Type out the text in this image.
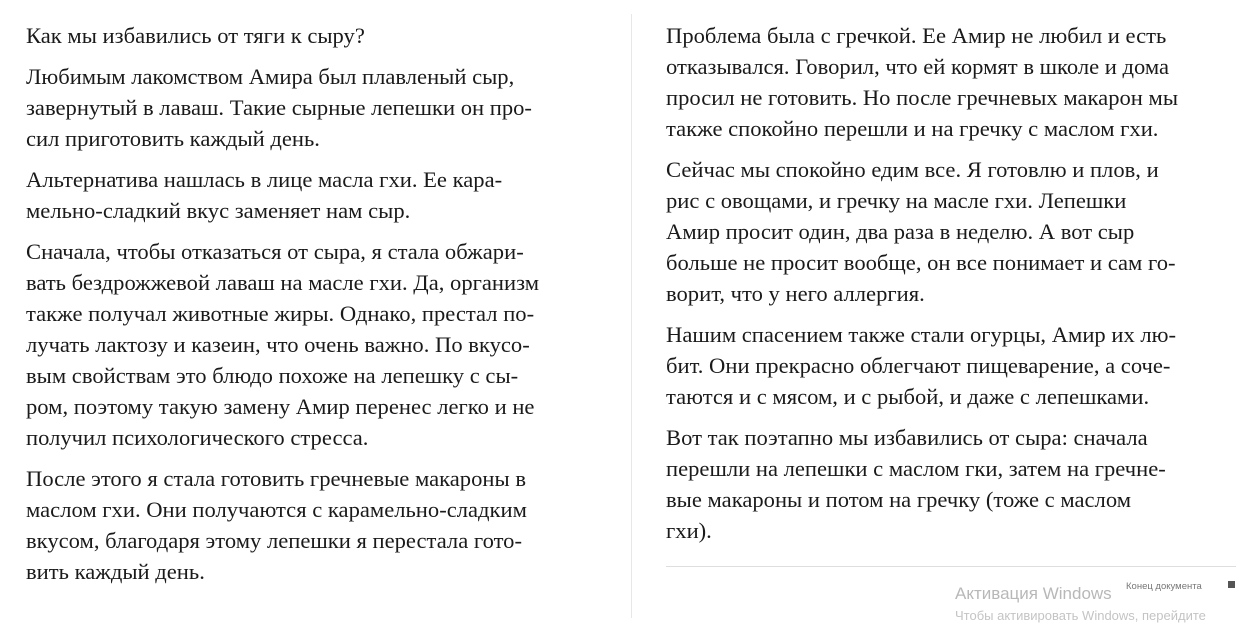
Как мы избавились от тяги к сыру?

Любимым лакомством Амира был плавленый сыр,
завернутый в лаваш. Такие сырные лепешки он про-
сил приготовить каждый день.

Альтернатива нашлась в лице масла гхи. Ее кара-
мельно-сладкий вкус заменяет нам сыр.

Сначала, чтобы отказаться от сыра, я стала обжари-
вать бездрожжевой лаваш на масле гхи. Да, организм
также получал животные жиры. Однако, престал по-
лучать лактозу и казеин, что очень важно. По вкусо-
вым свойствам это блюдо похоже на лепешку с сы-
ром, поэтому такую замену Амир перенес легко и не
получил психологического стресса.

После этого я стала готовить гречневые макароны в
маслом гхи. Они получаются с карамельно-сладким
вкусом, благодаря этому лепешки я перестала гото-
вить каждый день.

Проблема была с гречкой. Ее Амир не любил и есть
отказывался. Говорил, что ей кормят в школе и дома
просил не готовить. Но после гречневых макарон мы
также спокойно перешли и на гречку с маслом гхи.

Сейчас мы спокойно едим все. Я готовлю и плов, и
рис с овощами, и гречку на масле гхи. Лепешки
Амир просит один, два раза в неделю. А вот сыр
больше не просит вообще, он все понимает и сам го-
ворит, что у него аллергия.

Нашим спасением также стали огурцы, Амир их лю-
бит. Они прекрасно облегчают пищеварение, а соче-
таются и с мясом, и с рыбой, и даже с лепешками.

Вот так поэтапно мы избавились от сыра: сначала
перешли на лепешки с маслом гки, затем на гречне-
вые макароны и потом на гречку (тоже с маслом
гхи).

Конец документа
Активация Windows
Чтобы активировать Windows, перейдите
